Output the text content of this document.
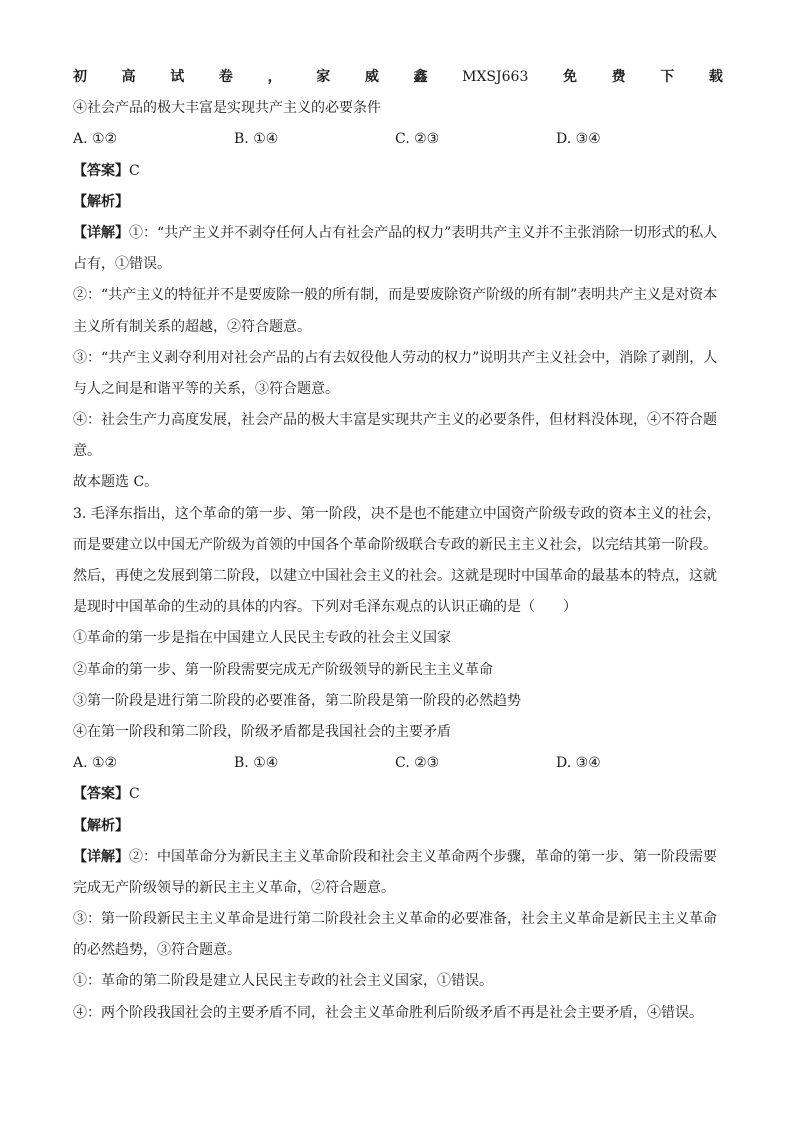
初 高 试 卷 ， 家 威 鑫 MXSJ663 免 费 下 载
④社会产品的极大丰富是实现共产主义的必要条件
A. ①②	B. ①④	C. ②③	D. ③④
【答案】C
【解析】
【详解】①：“共产主义并不剥夺任何人占有社会产品的权力”表明共产主义并不主张消除一切形式的私人
占有，①错误。
②：“共产主义的特征并不是要废除一般的所有制，而是要废除资产阶级的所有制”表明共产主义是对资本
主义所有制关系的超越，②符合题意。
③：“共产主义剥夺利用对社会产品的占有去奴役他人劳动的权力”说明共产主义社会中，消除了剥削，人
与人之间是和谐平等的关系，③符合题意。
④：社会生产力高度发展，社会产品的极大丰富是实现共产主义的必要条件，但材料没体现，④不符合题
意。
故本题选 C。
3. 毛泽东指出，这个革命的第一步、第一阶段，决不是也不能建立中国资产阶级专政的资本主义的社会，
而是要建立以中国无产阶级为首领的中国各个革命阶级联合专政的新民主主义社会，以完结其第一阶段。
然后，再使之发展到第二阶段，以建立中国社会主义的社会。这就是现时中国革命的最基本的特点，这就
是现时中国革命的生动的具体的内容。下列对毛泽东观点的认识正确的是（　　）
①革命的第一步是指在中国建立人民民主专政的社会主义国家
②革命的第一步、第一阶段需要完成无产阶级领导的新民主主义革命
③第一阶段是进行第二阶段的必要准备，第二阶段是第一阶段的必然趋势
④在第一阶段和第二阶段，阶级矛盾都是我国社会的主要矛盾
A. ①②	B. ①④	C. ②③	D. ③④
【答案】C
【解析】
【详解】②：中国革命分为新民主主义革命阶段和社会主义革命两个步骤，革命的第一步、第一阶段需要
完成无产阶级领导的新民主主义革命，②符合题意。
③：第一阶段新民主主义革命是进行第二阶段社会主义革命的必要准备，社会主义革命是新民主主义革命
的必然趋势，③符合题意。
①：革命的第二阶段是建立人民民主专政的社会主义国家，①错误。
④：两个阶段我国社会的主要矛盾不同，社会主义革命胜利后阶级矛盾不再是社会主要矛盾，④错误。
